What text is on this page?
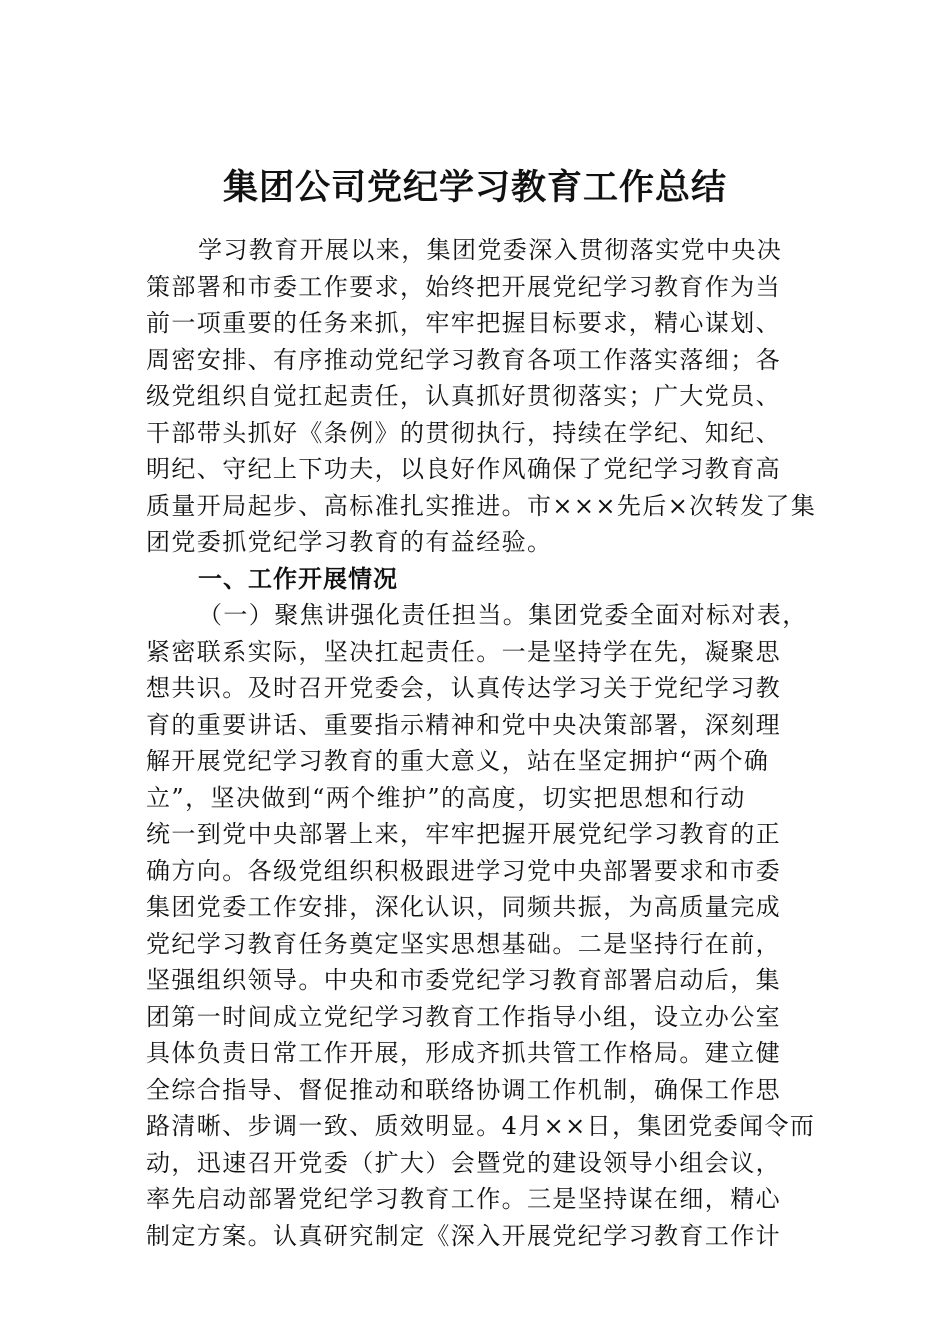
集团公司党纪学习教育工作总结
学习教育开展以来，集团党委深入贯彻落实党中央决
策部署和市委工作要求，始终把开展党纪学习教育作为当
前一项重要的任务来抓，牢牢把握目标要求，精心谋划、
周密安排、有序推动党纪学习教育各项工作落实落细；各
级党组织自觉扛起责任，认真抓好贯彻落实；广大党员、
干部带头抓好《条例》的贯彻执行，持续在学纪、知纪、
明纪、守纪上下功夫，以良好作风确保了党纪学习教育高
质量开局起步、高标准扎实推进。市×××先后×次转发了集
团党委抓党纪学习教育的有益经验。
一、工作开展情况
（一）聚焦讲强化责任担当。集团党委全面对标对表，
紧密联系实际，坚决扛起责任。一是坚持学在先，凝聚思
想共识。及时召开党委会，认真传达学习关于党纪学习教
育的重要讲话、重要指示精神和党中央决策部署，深刻理
解开展党纪学习教育的重大意义，站在坚定拥护“两个确
立”，坚决做到“两个维护”的高度，切实把思想和行动
统一到党中央部署上来，牢牢把握开展党纪学习教育的正
确方向。各级党组织积极跟进学习党中央部署要求和市委
集团党委工作安排，深化认识，同频共振，为高质量完成
党纪学习教育任务奠定坚实思想基础。二是坚持行在前，
坚强组织领导。中央和市委党纪学习教育部署启动后，集
团第一时间成立党纪学习教育工作指导小组，设立办公室
具体负责日常工作开展，形成齐抓共管工作格局。建立健
全综合指导、督促推动和联络协调工作机制，确保工作思
路清晰、步调一致、质效明显。4月××日，集团党委闻令而
动，迅速召开党委（扩大）会暨党的建设领导小组会议，
率先启动部署党纪学习教育工作。三是坚持谋在细，精心
制定方案。认真研究制定《深入开展党纪学习教育工作计
